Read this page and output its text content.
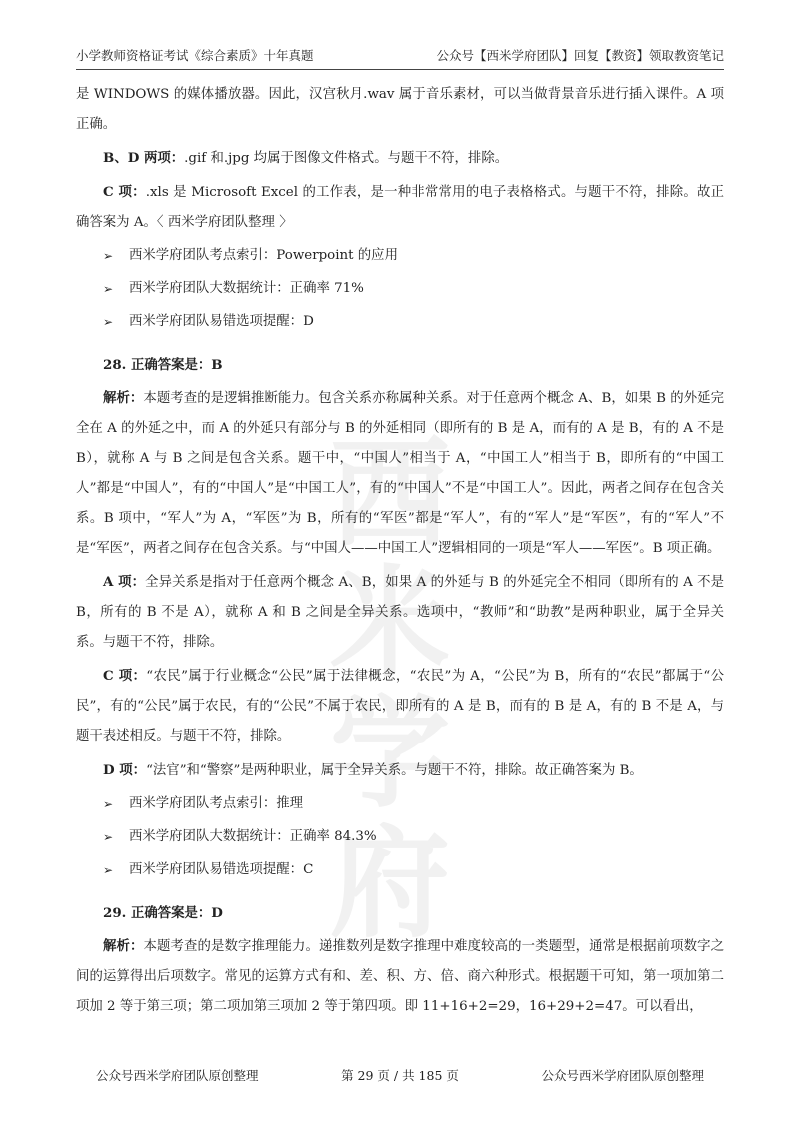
小学教师资格证考试《综合素质》十年真题	公众号【西米学府团队】回复【教资】领取教资笔记
西米学府

是 WINDOWS 的媒体播放器。因此，汉宫秋月.wav 属于音乐素材，可以当做背景音乐进行插入课件。A 项正确。

B、D 两项：.gif 和.jpg 均属于图像文件格式。与题干不符，排除。

C 项：.xls 是 Microsoft Excel 的工作表，是一种非常常用的电子表格格式。与题干不符，排除。故正确答案为 A。〈 西米学府团队整理 〉

➢	西米学府团队考点索引：Powerpoint 的应用
➢	西米学府团队大数据统计：正确率 71%
➢	西米学府团队易错选项提醒：D

28. 正确答案是：B

解析：本题考查的是逻辑推断能力。包含关系亦称属种关系。对于任意两个概念 A、B，如果 B 的外延完全在 A 的外延之中，而 A 的外延只有部分与 B 的外延相同（即所有的 B 是 A，而有的 A 是 B，有的 A 不是 B），就称 A 与 B 之间是包含关系。题干中，“中国人”相当于 A，“中国工人”相当于 B，即所有的“中国工人”都是“中国人”，有的“中国人”是“中国工人”，有的“中国人”不是“中国工人”。因此，两者之间存在包含关系。B 项中，“军人”为 A，“军医”为 B，所有的“军医”都是“军人”，有的“军人”是“军医”，有的“军人”不是“军医”，两者之间存在包含关系。与“中国人——中国工人”逻辑相同的一项是“军人——军医”。B 项正确。

A 项：全异关系是指对于任意两个概念 A、B，如果 A 的外延与 B 的外延完全不相同（即所有的 A 不是 B，所有的 B 不是 A），就称 A 和 B 之间是全异关系。选项中，“教师”和“助教”是两种职业，属于全异关系。与题干不符，排除。

C 项：“农民”属于行业概念“公民”属于法律概念，“农民”为 A，“公民”为 B，所有的“农民”都属于“公民”，有的“公民”属于农民，有的“公民”不属于农民，即所有的 A 是 B，而有的 B 是 A，有的 B 不是 A，与题干表述相反。与题干不符，排除。

D 项：“法官”和“警察”是两种职业，属于全异关系。与题干不符，排除。故正确答案为 B。

➢	西米学府团队考点索引：推理
➢	西米学府团队大数据统计：正确率 84.3%
➢	西米学府团队易错选项提醒：C

29. 正确答案是：D

解析：本题考查的是数字推理能力。递推数列是数字推理中难度较高的一类题型，通常是根据前项数字之间的运算得出后项数字。常见的运算方式有和、差、积、方、倍、商六种形式。根据题干可知，第一项加第二项加 2 等于第三项；第二项加第三项加 2 等于第四项。即 11+16+2=29，16+29+2=47。可以看出，

公众号西米学府团队原创整理	第 29 页 / 共 185 页	公众号西米学府团队原创整理
